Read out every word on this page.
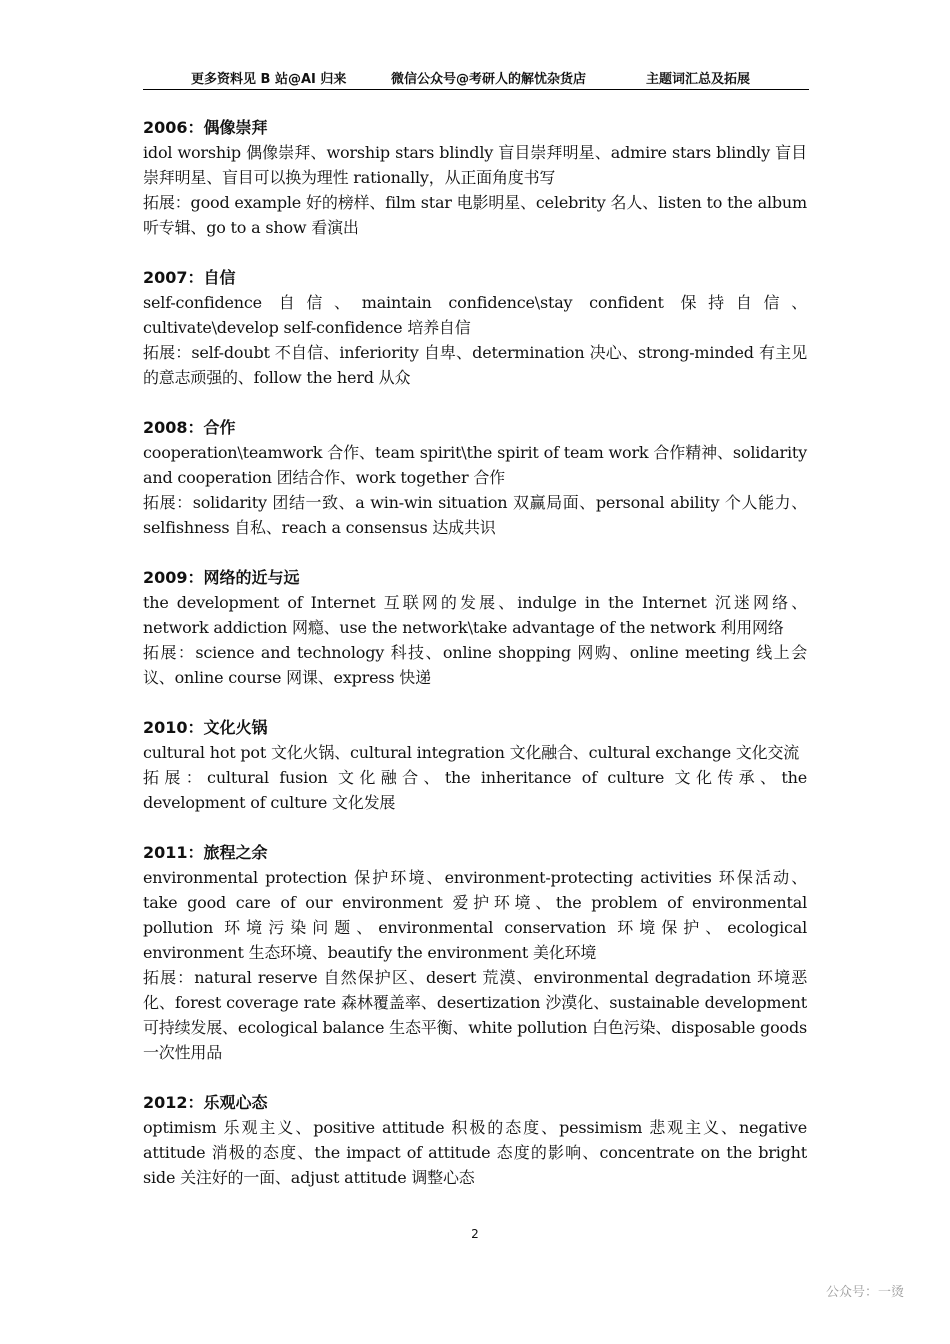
更多资料见 B 站@AI 归来	微信公众号@考研人的解忧杂货店	主题词汇总及拓展
2006：偶像崇拜
idol worship 偶像崇拜、worship stars blindly 盲目崇拜明星、admire stars blindly 盲目崇拜明星、盲目可以换为理性 rationally，从正面角度书写
拓展：good example 好的榜样、film star 电影明星、celebrity 名人、listen to the album 听专辑、go to a show 看演出
2007：自信
self-confidence 自信、maintain confidence\stay confident 保持自信、cultivate\develop self-confidence 培养自信
拓展：self-doubt 不自信、inferiority 自卑、determination 决心、strong-minded 有主见的意志顽强的、follow the herd 从众
2008：合作
cooperation\teamwork 合作、team spirit\the spirit of team work 合作精神、solidarity and cooperation 团结合作、work together 合作
拓展：solidarity 团结一致、a win-win situation 双赢局面、personal ability 个人能力、selfishness 自私、reach a consensus 达成共识
2009：网络的近与远
the development of Internet 互联网的发展、indulge in the Internet 沉迷网络、network addiction 网瘾、use the network\take advantage of the network 利用网络
拓展：science and technology 科技、online shopping 网购、online meeting 线上会议、online course 网课、express 快递
2010：文化火锅
cultural hot pot 文化火锅、cultural integration 文化融合、cultural exchange 文化交流
拓展：cultural fusion 文化融合、the inheritance of culture 文化传承、the development of culture 文化发展
2011：旅程之余
environmental protection 保护环境、environment-protecting activities 环保活动、take good care of our environment 爱护环境、the problem of environmental pollution 环境污染问题、environmental conservation 环境保护、ecological environment 生态环境、beautify the environment 美化环境
拓展：natural reserve 自然保护区、desert 荒漠、environmental degradation 环境恶化、forest coverage rate 森林覆盖率、desertization 沙漠化、sustainable development 可持续发展、ecological balance 生态平衡、white pollution 白色污染、disposable goods 一次性用品
2012：乐观心态
optimism 乐观主义、positive attitude 积极的态度、pessimism 悲观主义、negative attitude 消极的态度、the impact of attitude 态度的影响、concentrate on the bright side 关注好的一面、adjust attitude 调整心态
2
公众号：一烫
